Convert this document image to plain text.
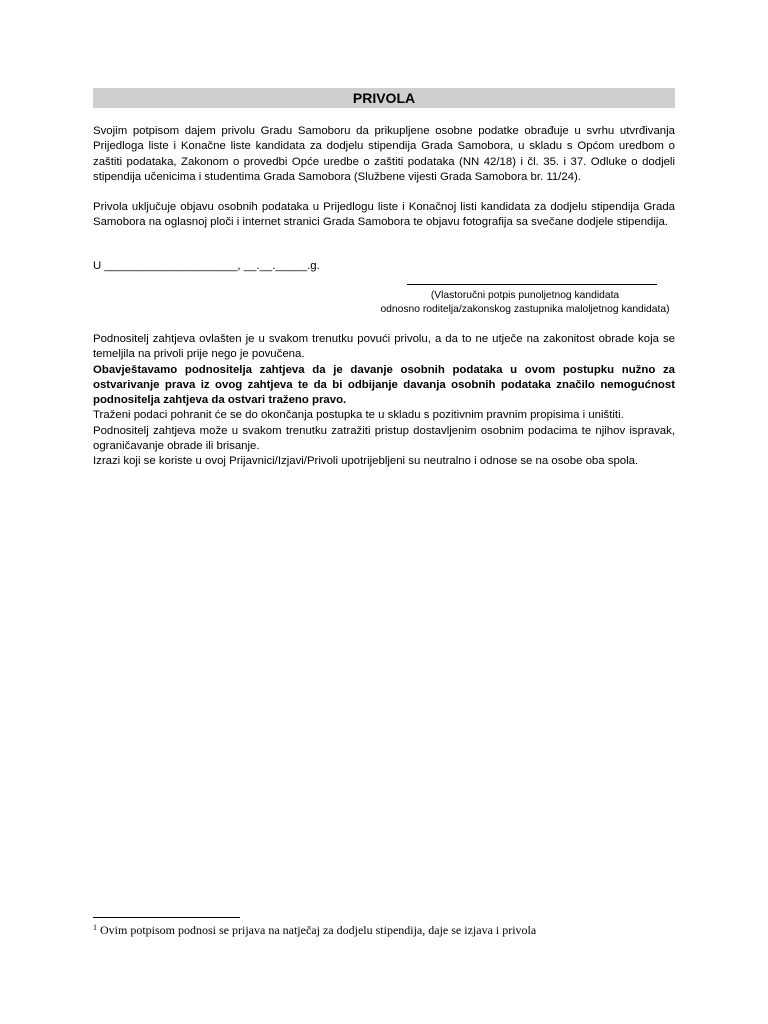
PRIVOLA
Svojim potpisom dajem privolu Gradu Samoboru da prikupljene osobne podatke obrađuje u svrhu utvrđivanja Prijedloga liste i Konačne liste kandidata za dodjelu stipendija Grada Samobora, u skladu s Općom uredbom o zaštiti podataka, Zakonom o provedbi Opće uredbe o zaštiti podataka (NN 42/18) i čl. 35. i 37. Odluke o dodjeli stipendija učenicima i studentima Grada Samobora (Službene vijesti Grada Samobora br. 11/24).
Privola uključuje objavu osobnih podataka u Prijedlogu liste i Konačnoj listi kandidata za dodjelu stipendija Grada Samobora na oglasnoj ploči i internet stranici Grada Samobora te objavu fotografija sa svečane dodjele stipendija.
U _____________________, __.__._____.g.
(Vlastoručni potpis punoljetnog kandidata
odnosno roditelja/zakonskog zastupnika maloljetnog kandidata)
Podnositelj zahtjeva ovlašten je u svakom trenutku povući privolu, a da to ne utječe na zakonitost obrade koja se temeljila na privoli prije nego je povučena.
Obavještavamo podnositelja zahtjeva da je davanje osobnih podataka u ovom postupku nužno za ostvarivanje prava iz ovog zahtjeva te da bi odbijanje davanja osobnih podataka značilo nemogućnost podnositelja zahtjeva da ostvari traženo pravo.
Traženi podaci pohranit će se do okončanja postupka te u skladu s pozitivnim pravnim propisima i uništiti.
Podnositelj zahtjeva može u svakom trenutku zatražiti pristup dostavljenim osobnim podacima te njihov ispravak, ograničavanje obrade ili brisanje.
Izrazi koji se koriste u ovoj Prijavnici/Izjavi/Privoli upotrijebljeni su neutralno i odnose se na osobe oba spola.
$^1$ Ovim potpisom podnosi se prijava na natječaj za dodjelu stipendija, daje se izjava i privola
